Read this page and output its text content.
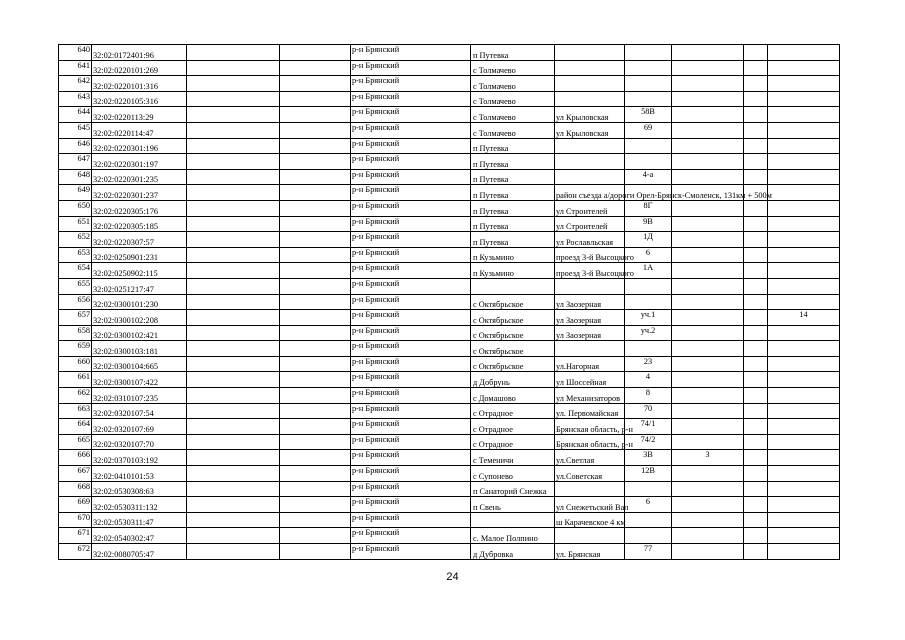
640	32:02:0172401:96			р-н Брянский	п Путевка					
641	32:02:0220101:269			р-н Брянский	с Толмачево					
642	32:02:0220101:316			р-н Брянский	с Толмачево					
643	32:02:0220105:316			р-н Брянский	с Толмачево					
644	32:02:0220113:29			р-н Брянский	с Толмачево	ул Крыловская	58В			
645	32:02:0220114:47			р-н Брянский	с Толмачево	ул Крыловская	69			
646	32:02:0220301:196			р-н Брянский	п Путевка					
647	32:02:0220301:197			р-н Брянский	п Путевка					
648	32:02:0220301:235			р-н Брянский	п Путевка		4-а			
649	32:02:0220301:237			р-н Брянский	п Путевка	район съезда а/дороги Орел-Брянск-Смоленск, 131км + 500м				
650	32:02:0220305:176			р-н Брянский	п Путевка	ул Строителей	8Г			
651	32:02:0220305:185			р-н Брянский	п Путевка	ул Строителей	9В			
652	32:02:0220307:57			р-н Брянский	п Путевка	ул Рославльская	1Д			
653	32:02:0250901:231			р-н Брянский	п Кузьмино	проезд 3-й Высоцкого	6			
654	32:02:0250902:115			р-н Брянский	п Кузьмино	проезд 3-й Высоцкого	1А			
655	32:02:0251217:47			р-н Брянский						
656	32:02:0300101:230			р-н Брянский	с Октябрьское	ул Заозерная				
657	32:02:0300102:208			р-н Брянский	с Октябрьское	ул Заозерная	уч.1			14
658	32:02:0300102:421			р-н Брянский	с Октябрьское	ул Заозерная	уч.2			
659	32:02:0300103:181			р-н Брянский	с Октябрьское					
660	32:02:0300104:665			р-н Брянский	с Октябрьское	ул.Нагорная	23			
661	32:02:0300107:422			р-н Брянский	д Добрунь	ул Шоссейная	4			
662	32:02:0310107:235			р-н Брянский	с Домашово	ул Механизаторов	8			
663	32:02:0320107:54			р-н Брянский	с Отрадное	ул. Первомайская	70			
664	32:02:0320107:69			р-н Брянский	с Отрадное	Брянская область, р-н	74/1			
665	32:02:0320107:70			р-н Брянский	с Отрадное	Брянская область, р-н	74/2			
666	32:02:0370103:192			р-н Брянский	с Теменичи	ул.Светлая	3В	3		
667	32:02:0410101:53			р-н Брянский	с Супонево	ул.Советская	12В			
668	32:02:0530308:63			р-н Брянский	п Санаторий Снежка					
669	32:02:0530311:132			р-н Брянский	п Свень	ул Снежетьский Вал	6			
670	32:02:0530311:47			р-н Брянский		ш Карачевское 4 км				
671	32:02:0540302:47			р-н Брянский	с. Малое Полпино					
672	32:02:0080705:47			р-н Брянский	д Дубровка	ул. Брянская	77			
24
